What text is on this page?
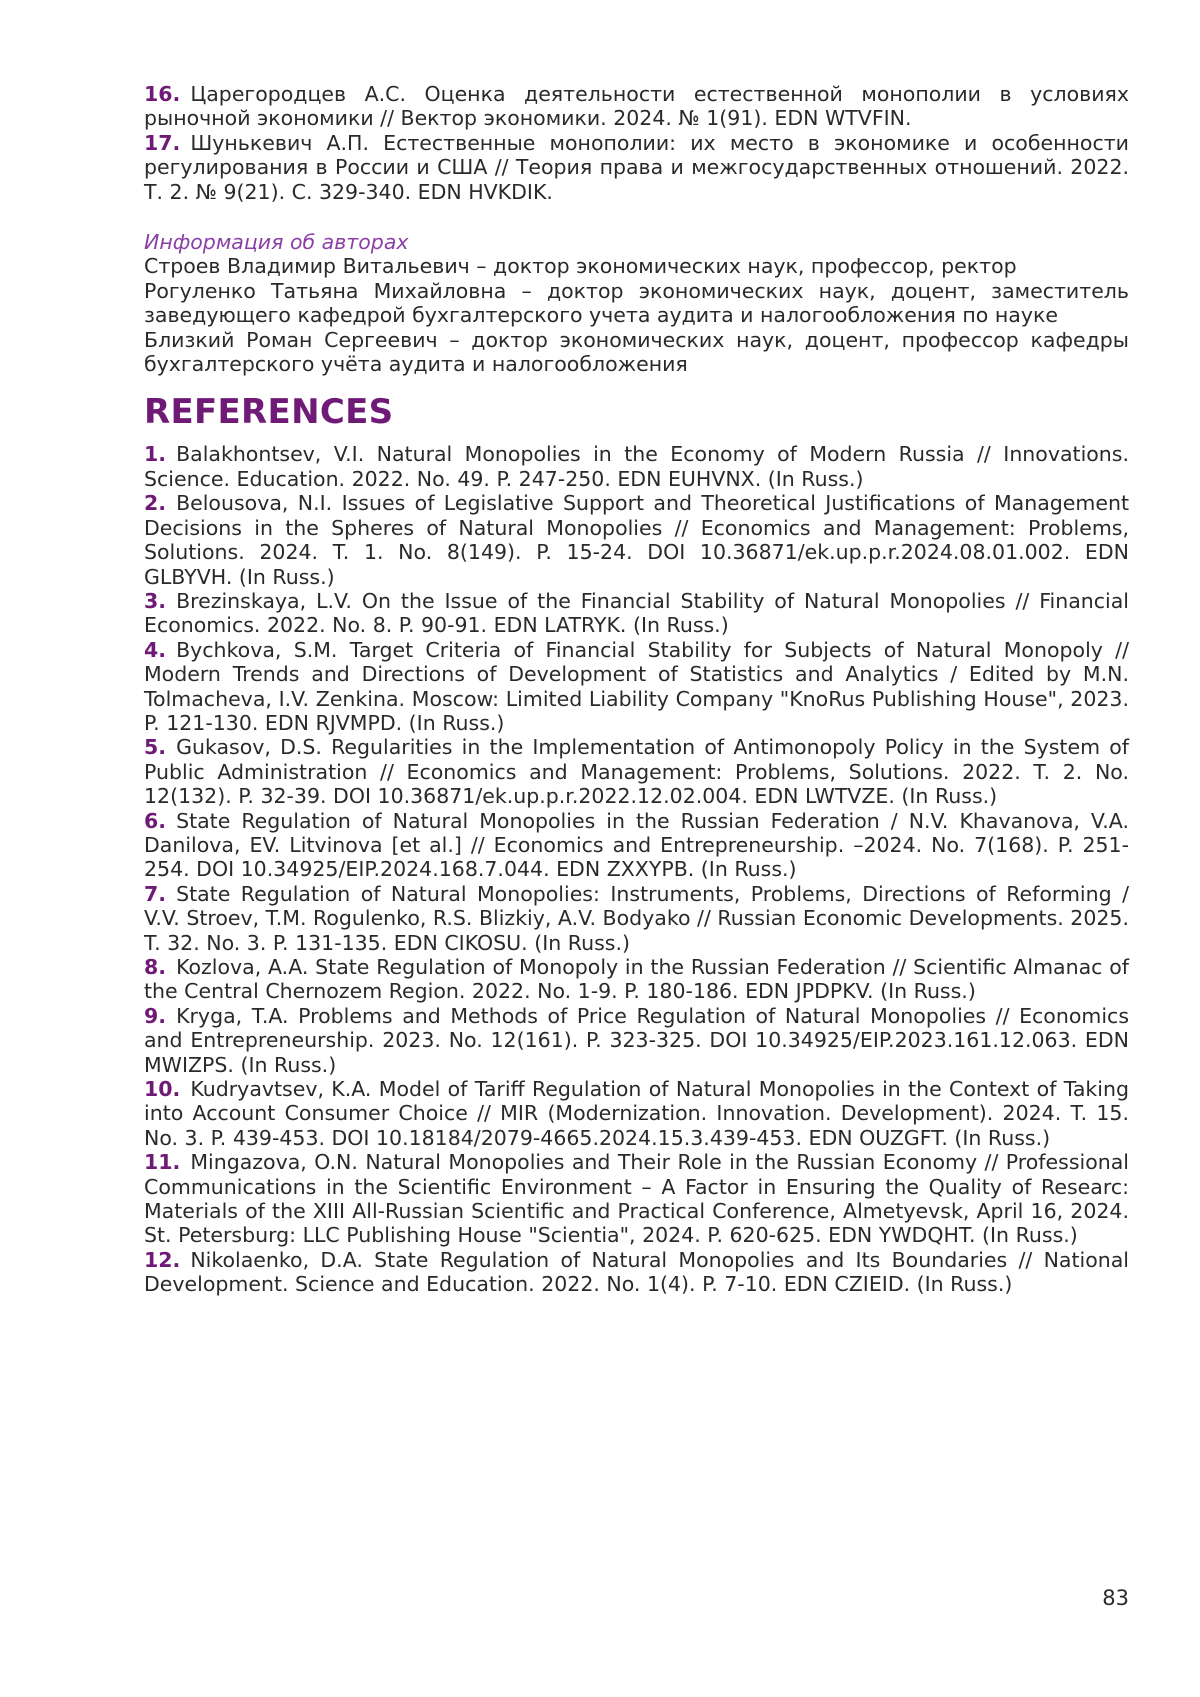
16. Царегородцев А.С. Оценка деятельности естественной монополии в условиях рыночной экономики // Вектор экономики. 2024. № 1(91). EDN WTVFIN.

17. Шунькевич А.П. Естественные монополии: их место в экономике и особенности регулирования в России и США // Теория права и межгосударственных отношений. 2022. Т. 2. № 9(21). С. 329-340. EDN HVKDIK.

Информация об авторах

Строев Владимир Витальевич – доктор экономических наук, профессор, ректор

Рогуленко Татьяна Михайловна – доктор экономических наук, доцент, заместитель заведующего кафедрой бухгалтерского учета аудита и налогообложения по науке

Близкий Роман Сергеевич – доктор экономических наук, доцент, профессор кафедры бухгалтерского учёта аудита и налогообложения

REFERENCES

1. Balakhontsev, V.I. Natural Monopolies in the Economy of Modern Russia // Innovations. Science. Education. 2022. No. 49. P. 247-250. EDN EUHVNX. (In Russ.)

2. Belousova, N.I. Issues of Legislative Support and Theoretical Justifications of Management Decisions in the Spheres of Natural Monopolies // Economics and Management: Problems, Solutions. 2024. T. 1. No. 8(149). P. 15-24. DOI 10.36871/ek.up.p.r.2024.08.01.002. EDN GLBYVH. (In Russ.)

3. Brezinskaya, L.V. On the Issue of the Financial Stability of Natural Monopolies // Financial Economics. 2022. No. 8. P. 90-91. EDN LATRYK. (In Russ.)

4. Bychkova, S.M. Target Criteria of Financial Stability for Subjects of Natural Monopoly // Modern Trends and Directions of Development of Statistics and Analytics / Edited by M.N. Tolmacheva, I.V. Zenkina. Moscow: Limited Liability Company "KnoRus Publishing House", 2023. P. 121-130. EDN RJVMPD. (In Russ.)

5. Gukasov, D.S. Regularities in the Implementation of Antimonopoly Policy in the System of Public Administration // Economics and Management: Problems, Solutions. 2022. T. 2. No. 12(132). P. 32-39. DOI 10.36871/ek.up.p.r.2022.12.02.004. EDN LWTVZE. (In Russ.)

6. State Regulation of Natural Monopolies in the Russian Federation / N.V. Khavanova, V.A. Danilova, EV. Litvinova [et al.] // Economics and Entrepreneurship. –2024. No. 7(168). P. 251-254. DOI 10.34925/EIP.2024.168.7.044. EDN ZXXYPB. (In Russ.)

7. State Regulation of Natural Monopolies: Instruments, Problems, Directions of Reforming / V.V. Stroev, T.M. Rogulenko, R.S. Blizkiy, A.V. Bodyako // Russian Economic Developments. 2025. T. 32. No. 3. P. 131-135. EDN CIKOSU. (In Russ.)

8. Kozlova, A.A. State Regulation of Monopoly in the Russian Federation // Scientific Almanac of the Central Chernozem Region. 2022. No. 1-9. P. 180-186. EDN JPDPKV. (In Russ.)

9. Kryga, T.A. Problems and Methods of Price Regulation of Natural Monopolies // Economics and Entrepreneurship. 2023. No. 12(161). P. 323-325. DOI 10.34925/EIP.2023.161.12.063. EDN MWIZPS. (In Russ.)

10. Kudryavtsev, K.A. Model of Tariff Regulation of Natural Monopolies in the Context of Taking into Account Consumer Choice // MIR (Modernization. Innovation. Development). 2024. T. 15. No. 3. P. 439-453. DOI 10.18184/2079-4665.2024.15.3.439-453. EDN OUZGFT. (In Russ.)

11. Mingazova, O.N. Natural Monopolies and Their Role in the Russian Economy // Professional Communications in the Scientific Environment – A Factor in Ensuring the Quality of Researc: Materials of the XIII All-Russian Scientific and Practical Conference, Almetyevsk, April 16, 2024. St. Petersburg: LLC Publishing House "Scientia", 2024. P. 620-625. EDN YWDQHT. (In Russ.)

12. Nikolaenko, D.A. State Regulation of Natural Monopolies and Its Boundaries // National Development. Science and Education. 2022. No. 1(4). P. 7-10. EDN CZIEID. (In Russ.)

83
